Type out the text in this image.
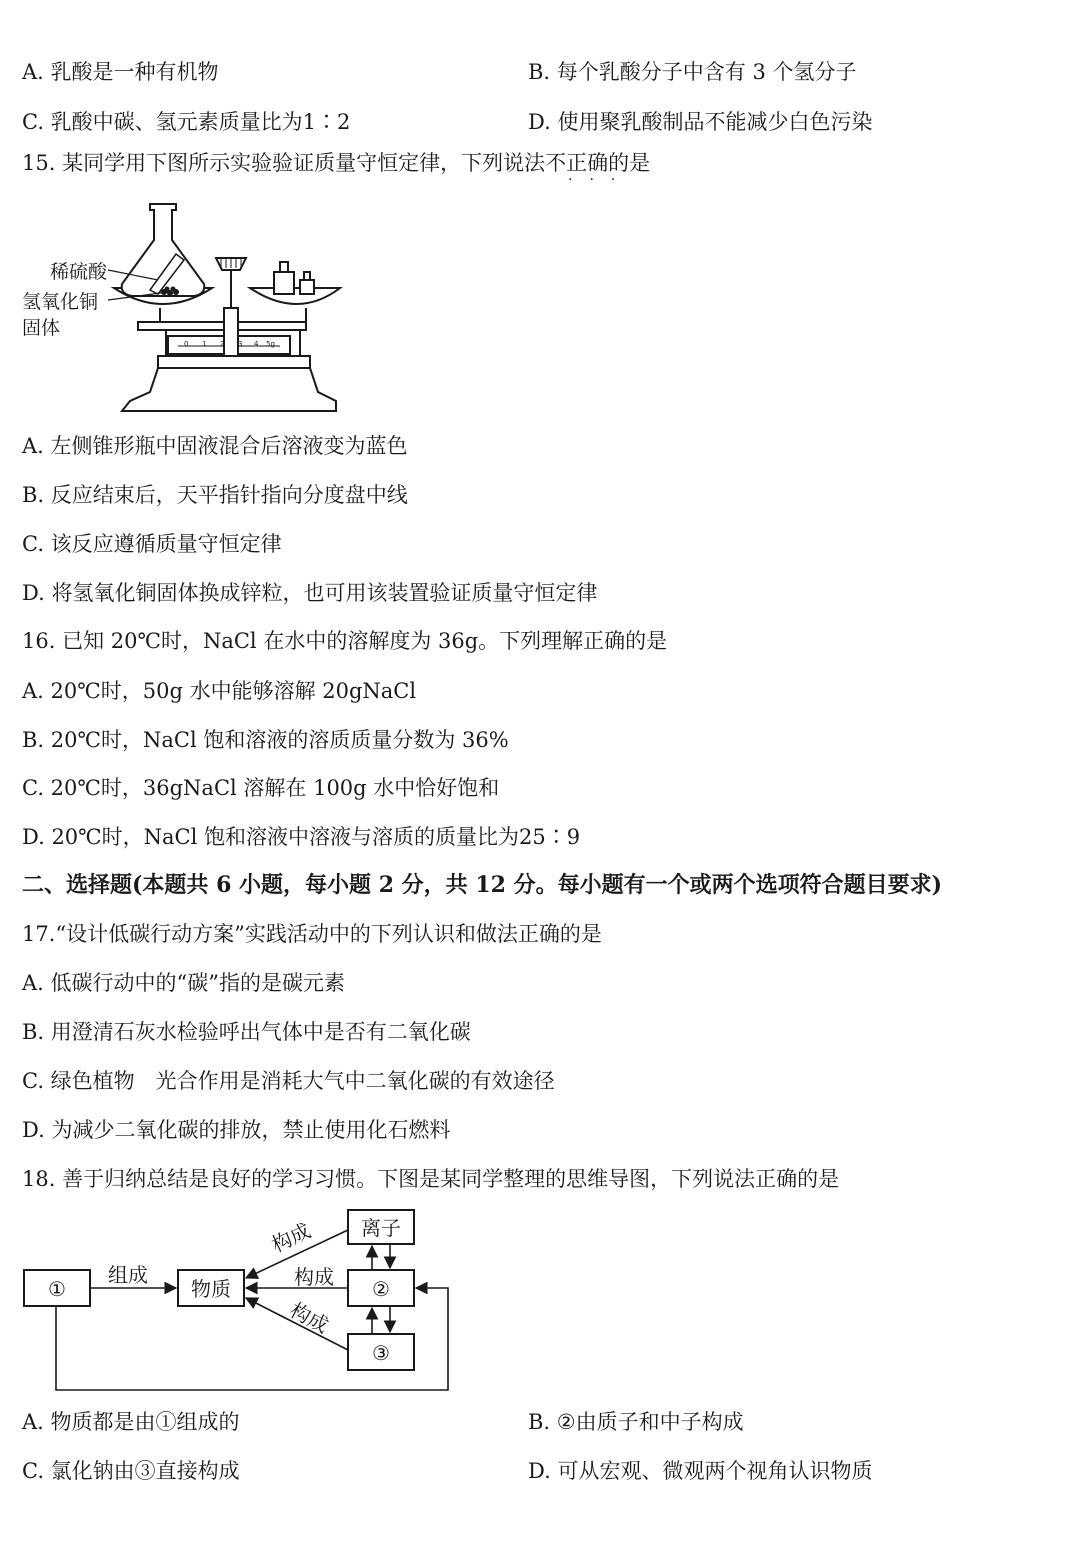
A. 乳酸是一种有机物	B. 每个乳酸分子中含有 3 个氢分子
C. 乳酸中碳、氢元素质量比为1∶2	D. 使用聚乳酸制品不能减少白色污染
15. 某同学用下图所示实验验证质量守恒定律，下列说法不正确的是
···
0 1 2 3 4 5g
稀硫酸
氢氧化铜
固体
A. 左侧锥形瓶中固液混合后溶液变为蓝色
B. 反应结束后，天平指针指向分度盘中线
C. 该反应遵循质量守恒定律
D. 将氢氧化铜固体换成锌粒，也可用该装置验证质量守恒定律
16. 已知 20℃时，NaCl 在水中的溶解度为 36g。下列理解正确的是
A. 20℃时，50g 水中能够溶解 20gNaCl
B. 20℃时，NaCl 饱和溶液的溶质质量分数为 36%
C. 20℃时，36gNaCl 溶解在 100g 水中恰好饱和
D. 20℃时，NaCl 饱和溶液中溶液与溶质的质量比为25∶9
二、选择题(本题共 6 小题，每小题 2 分，共 12 分。每小题有一个或两个选项符合题目要求)
17.“设计低碳行动方案”实践活动中的下列认识和做法正确的是
A. 低碳行动中的“碳”指的是碳元素
B. 用澄清石灰水检验呼出气体中是否有二氧化碳
C. 绿色植物　光合作用是消耗大气中二氧化碳的有效途径
D. 为减少二氧化碳的排放，禁止使用化石燃料
18. 善于归纳总结是良好的学习习惯。下图是某同学整理的思维导图，下列说法正确的是
①	物质
离子
②
③
组成	构成
构成
构成
A. 物质都是由①组成的	B. ②由质子和中子构成
C. 氯化钠由③直接构成	D. 可从宏观、微观两个视角认识物质
